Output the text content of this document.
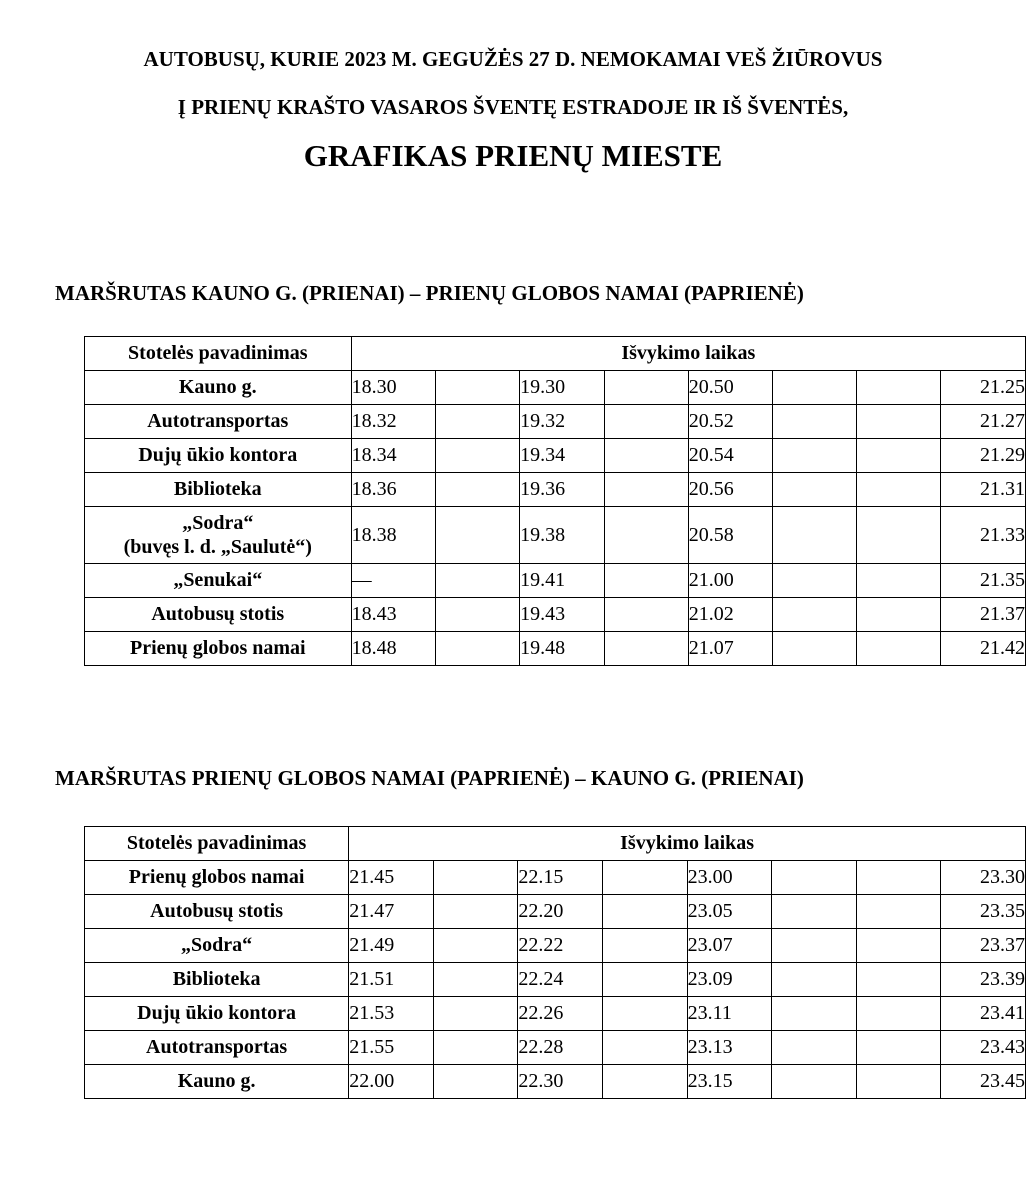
AUTOBUSŲ, KURIE 2023 M. GEGUŽĖS 27 D. NEMOKAMAI VEŠ ŽIŪROVUS
Į PRIENŲ KRAŠTO VASAROS ŠVENTĘ ESTRADOJE IR IŠ ŠVENTĖS,
GRAFIKAS PRIENŲ MIESTE
MARŠRUTAS KAUNO G. (PRIENAI) – PRIENŲ GLOBOS NAMAI (PAPRIENĖ)
Stotelės pavadinimas	Išvykimo laikas							
Kauno g.	18.30		19.30		20.50			21.25
Autotransportas	18.32		19.32		20.52			21.27
Dujų ūkio kontora	18.34		19.34		20.54			21.29
Biblioteka	18.36		19.36		20.56			21.31

„Sodra“
(buvęs l. d. „Saulutė“)	18.38		19.38		20.58			21.33
„Senukai“	—		19.41		21.00			21.35
Autobusų stotis	18.43		19.43		21.02			21.37
Prienų globos namai	18.48		19.48		21.07			21.42
MARŠRUTAS PRIENŲ GLOBOS NAMAI (PAPRIENĖ) – KAUNO G. (PRIENAI)
Stotelės pavadinimas	Išvykimo laikas							
Prienų globos namai	21.45		22.15		23.00			23.30
Autobusų stotis	21.47		22.20		23.05			23.35
„Sodra“	21.49		22.22		23.07			23.37
Biblioteka	21.51		22.24		23.09			23.39
Dujų ūkio kontora	21.53		22.26		23.11			23.41
Autotransportas	21.55		22.28		23.13			23.43
Kauno g.	22.00		22.30		23.15			23.45
